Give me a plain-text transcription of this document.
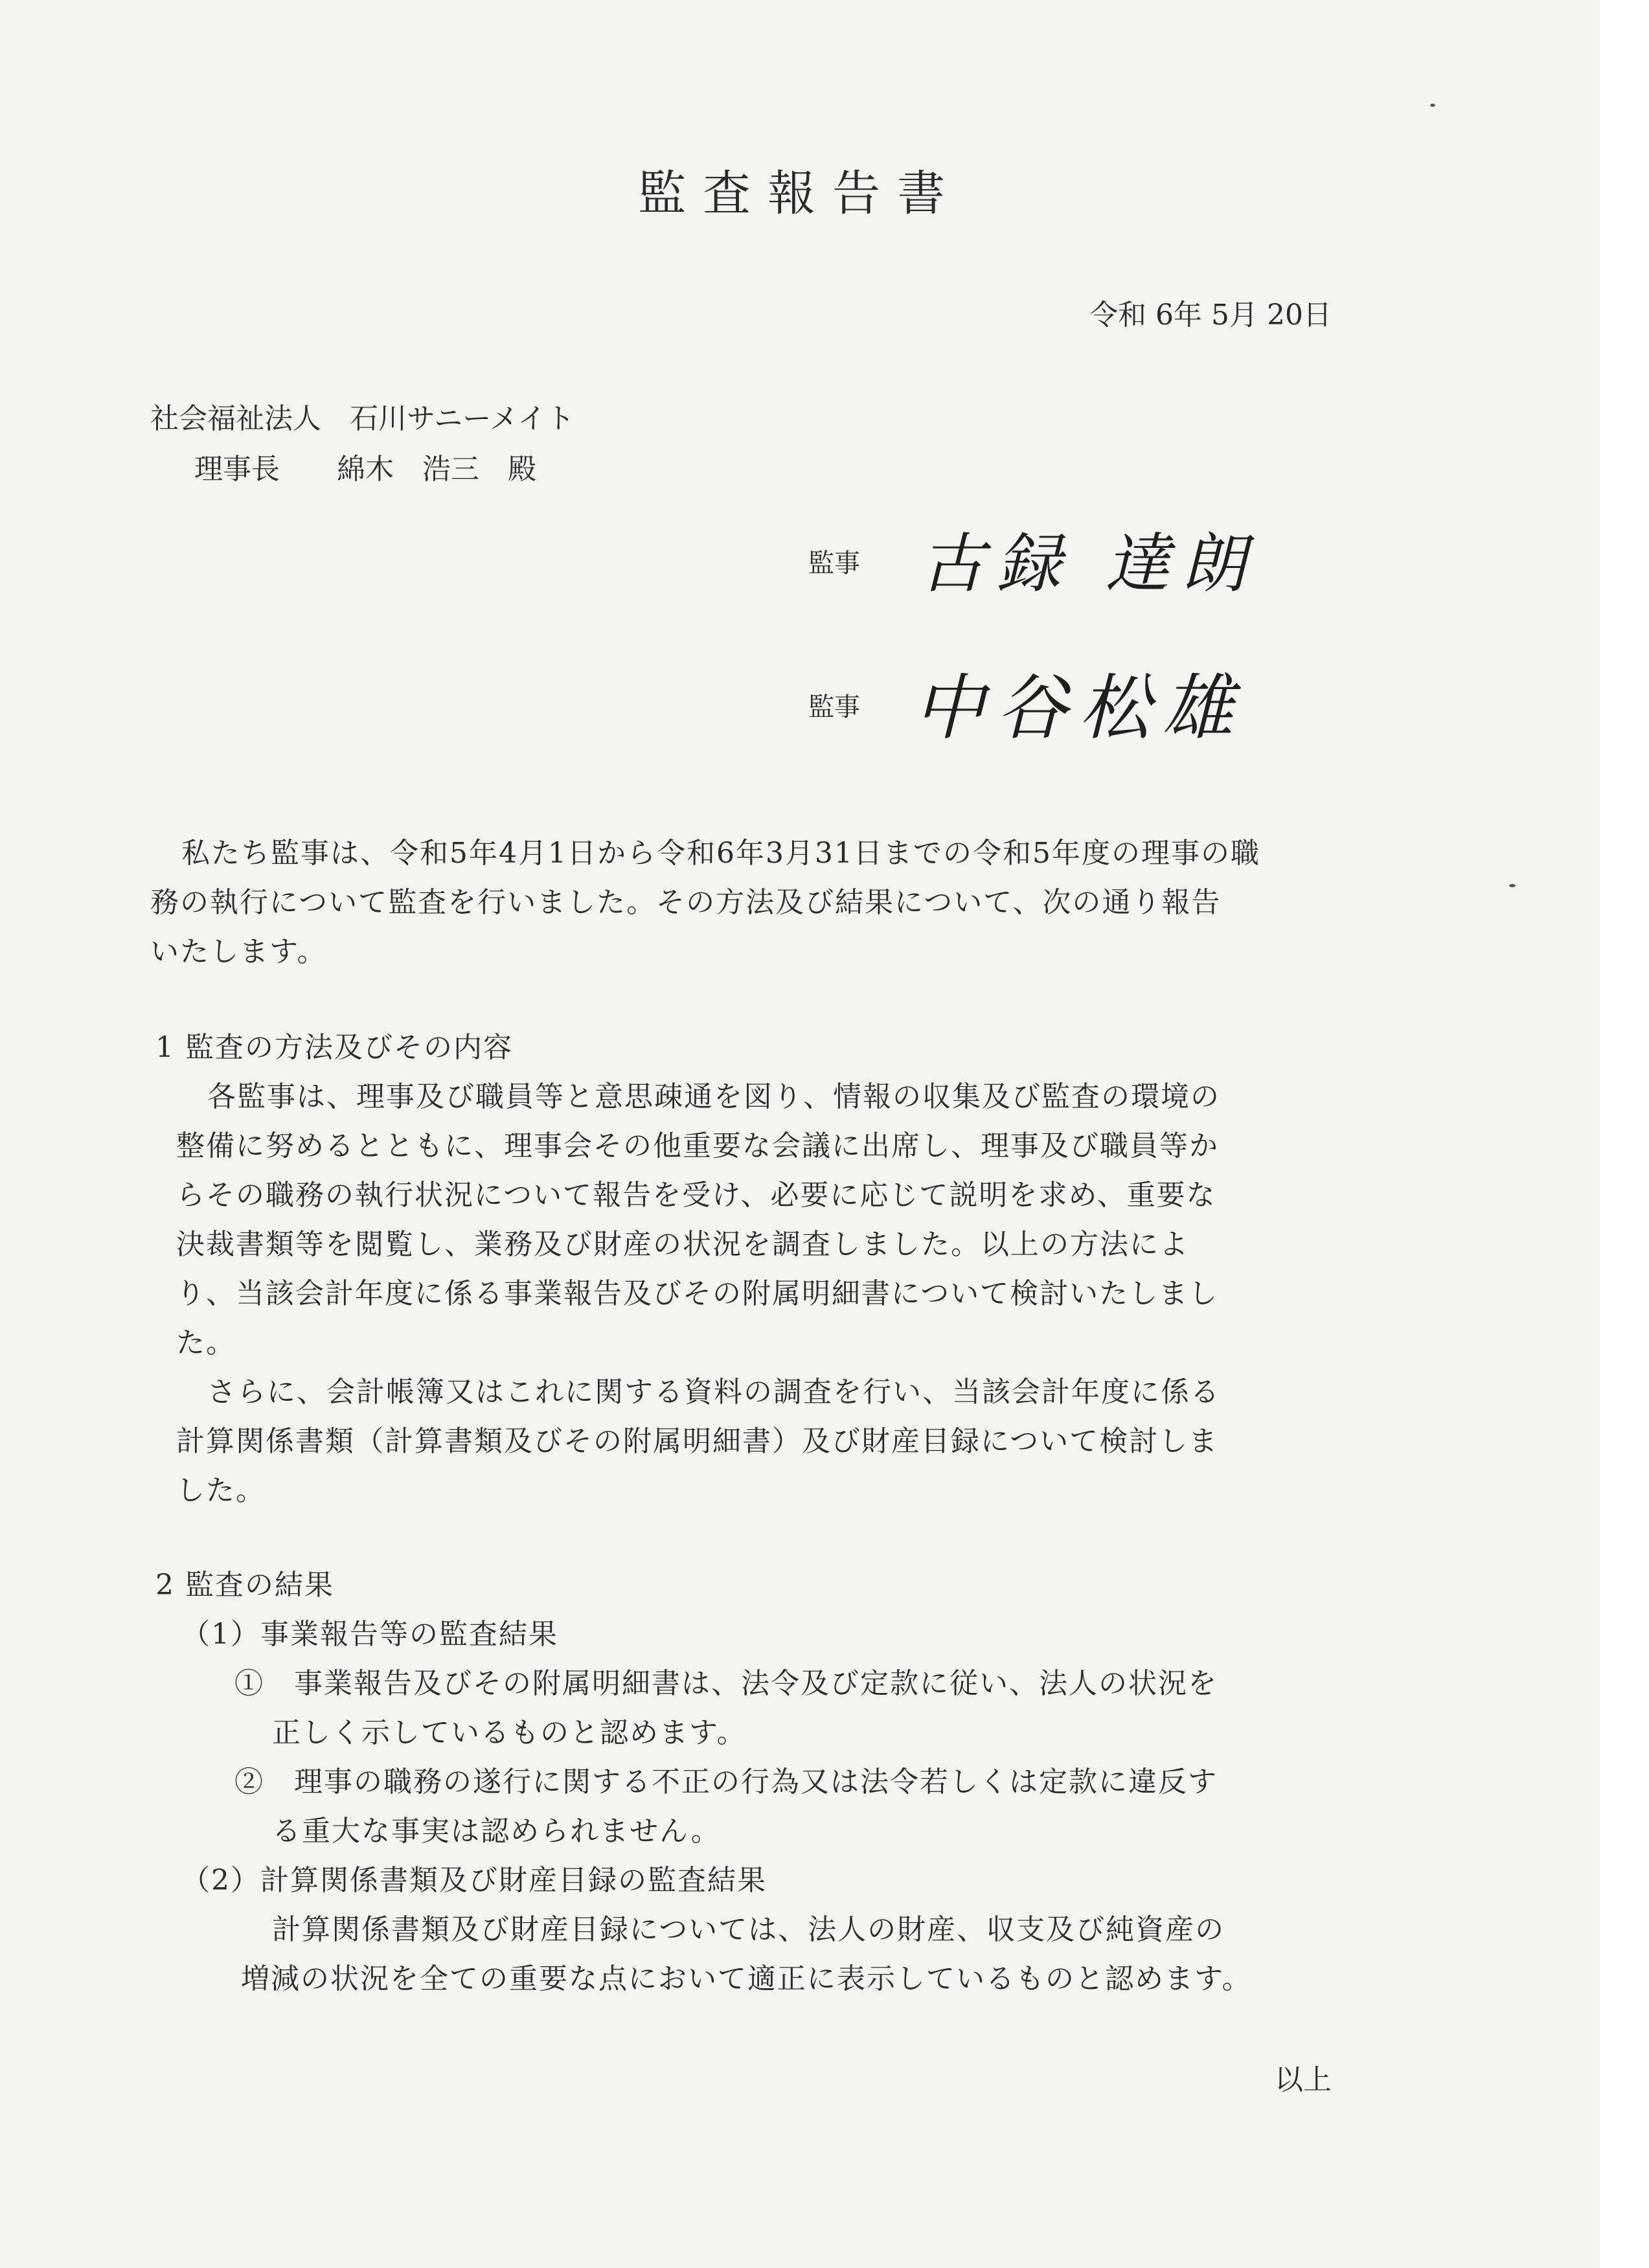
監査報告書
令和 6年 5月 20日
社会福祉法人　石川サニーメイト
理事長　　綿木　浩三　殿
監事 古録 達朗
監事 中谷松雄
私たち監事は、令和5年4月1日から令和6年3月31日までの令和5年度の理事の職
務の執行について監査を行いました。その方法及び結果について、次の通り報告
いたします。
1 監査の方法及びその内容
各監事は、理事及び職員等と意思疎通を図り、情報の収集及び監査の環境の
整備に努めるとともに、理事会その他重要な会議に出席し、理事及び職員等か
らその職務の執行状況について報告を受け、必要に応じて説明を求め、重要な
決裁書類等を閲覧し、業務及び財産の状況を調査しました。以上の方法によ
り、当該会計年度に係る事業報告及びその附属明細書について検討いたしまし
た。
さらに、会計帳簿又はこれに関する資料の調査を行い、当該会計年度に係る
計算関係書類（計算書類及びその附属明細書）及び財産目録について検討しま
した。
2 監査の結果
（1）事業報告等の監査結果
①　事業報告及びその附属明細書は、法令及び定款に従い、法人の状況を
正しく示しているものと認めます。
②　理事の職務の遂行に関する不正の行為又は法令若しくは定款に違反す
る重大な事実は認められません。
（2）計算関係書類及び財産目録の監査結果
計算関係書類及び財産目録については、法人の財産、収支及び純資産の
増減の状況を全ての重要な点において適正に表示しているものと認めます。
以上
